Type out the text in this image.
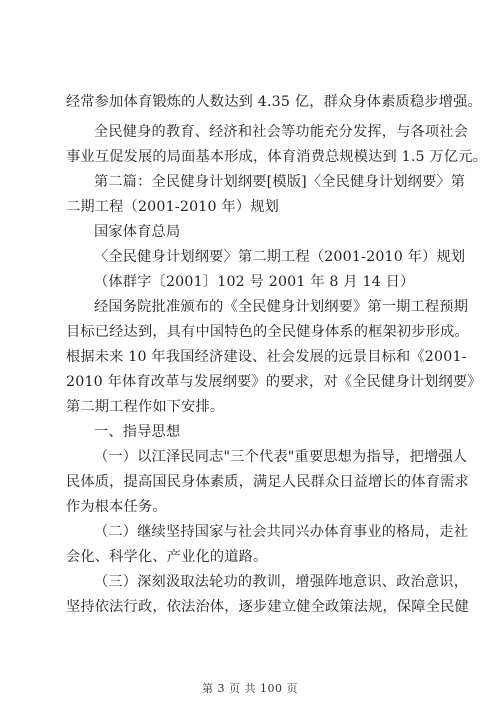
经常参加体育锻炼的人数达到 4.35 亿，群众身体素质稳步增强。
全民健身的教育、经济和社会等功能充分发挥，与各项社会
事业互促发展的局面基本形成，体育消费总规模达到 1.5 万亿元。
第二篇：全民健身计划纲要[模版]〈全民健身计划纲要〉第
二期工程（2001-2010 年）规划
国家体育总局
〈全民健身计划纲要〉第二期工程（2001-2010 年）规划
（体群字〔2001〕102 号 2001 年 8 月 14 日）
经国务院批准颁布的《全民健身计划纲要》第一期工程预期
目标已经达到，具有中国特色的全民健身体系的框架初步形成。
根据未来 10 年我国经济建设、社会发展的远景目标和《2001-
2010 年体育改革与发展纲要》的要求，对《全民健身计划纲要》
第二期工程作如下安排。
一、指导思想
（一）以江泽民同志"三个代表"重要思想为指导，把增强人
民体质，提高国民身体素质，满足人民群众日益增长的体育需求
作为根本任务。
（二）继续坚持国家与社会共同兴办体育事业的格局，走社
会化、科学化、产业化的道路。
（三）深刻汲取法轮功的教训，增强阵地意识、政治意识，
坚持依法行政，依法治体，逐步建立健全政策法规，保障全民健
第 3 页 共 100 页
